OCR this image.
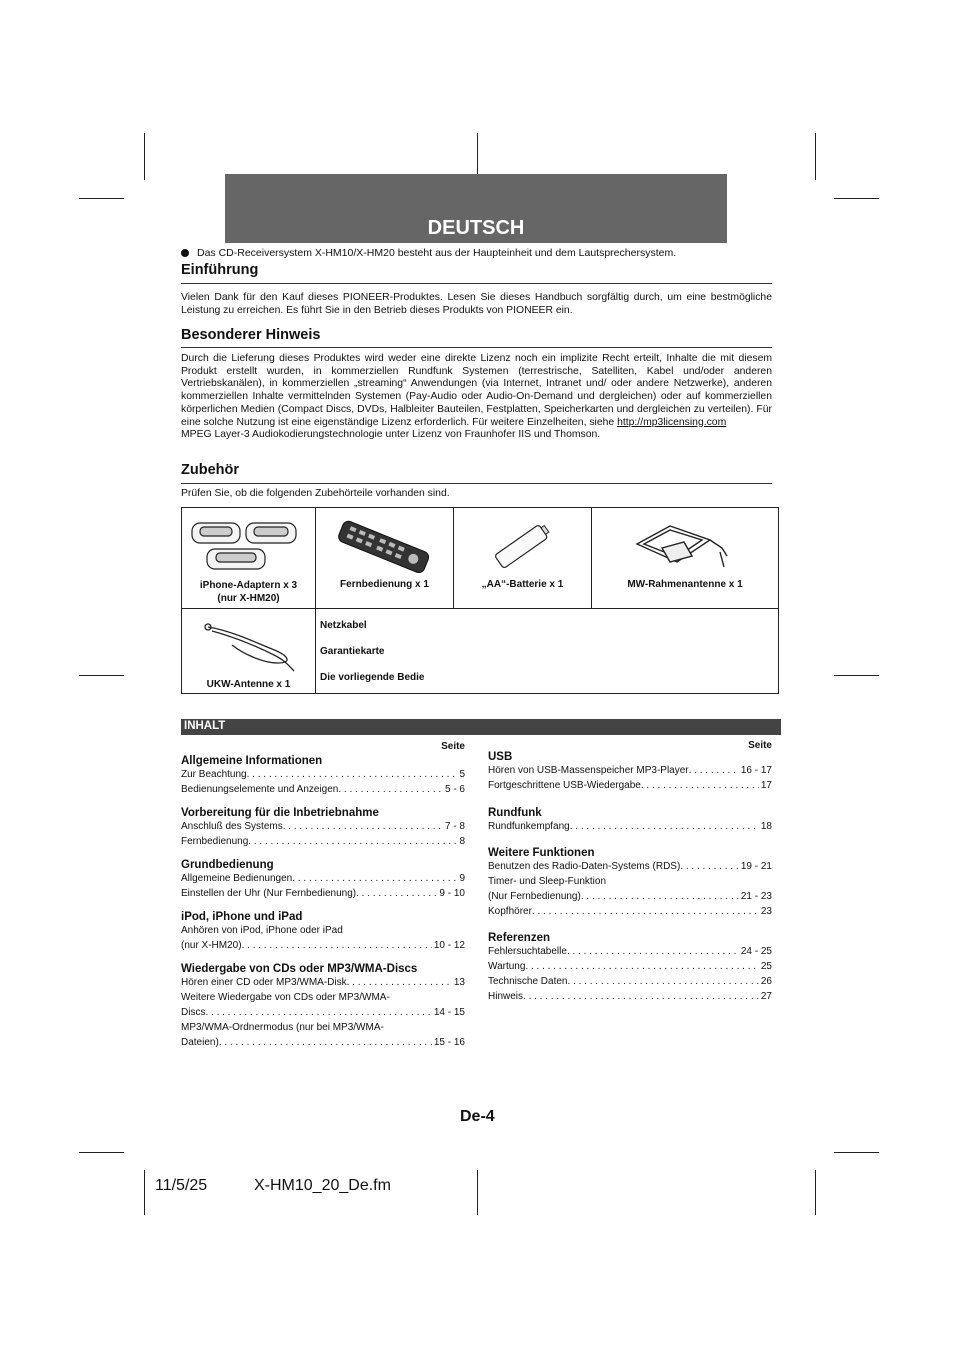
DEUTSCH
Das CD-Receiversystem X-HM10/X-HM20 besteht aus der Haupteinheit und dem Lautsprechersystem.
Einführung
Vielen Dank für den Kauf dieses PIONEER-Produktes. Lesen Sie dieses Handbuch sorgfältig durch, um eine bestmögliche Leistung zu erreichen. Es führt Sie in den Betrieb dieses Produkts von PIONEER ein.
Besonderer Hinweis
Durch die Lieferung dieses Produktes wird weder eine direkte Lizenz noch ein implizite Recht erteilt, Inhalte die mit diesem Produkt erstellt wurden, in kommerziellen Rundfunk Systemen (terrestrische, Satelliten, Kabel und/oder anderen Vertriebskanälen), in kommerziellen „streaming“ Anwendungen (via Internet, Intranet und/ oder andere Netzwerke), anderen kommerziellen Inhalte vermittelnden Systemen (Pay-Audio oder Audio-On-Demand und dergleichen) oder auf kommerziellen körperlichen Medien (Compact Discs, DVDs, Halbleiter Bauteilen, Festplatten, Speicherkarten und dergleichen zu verteilen). Für eine solche Nutzung ist eine eigenständige Lizenz erforderlich. Für weitere Einzelheiten, siehe http://mp3licensing.com
MPEG Layer-3 Audiokodierungstechnologie unter Lizenz von Fraunhofer IIS und Thomson.
Zubehör
Prüfen Sie, ob die folgenden Zubehörteile vorhanden sind.
iPhone-Adaptern x 3
(nur X-HM20)	Fernbedienung x 1	„AA“-Batterie x 1	MW-Rahmenantenne x 1

UKW-Antenne x 1	Netzkabel
Garantiekarte
Die vorliegende Bedie		
INHALT
Seite
Allgemeine Informationen
Zur Beachtung . . .	5
Bedienungselemente und Anzeigen . . .	5 - 6
Vorbereitung für die Inbetriebnahme
Anschluß des Systems . . .	7 - 8
Fernbedienung . . .	8
Grundbedienung
Allgemeine Bedienungen . . .	9
Einstellen der Uhr (Nur Fernbedienung) . . .	9 - 10
iPod, iPhone und iPad
Anhören von iPod, iPhone oder iPad
(nur X-HM20) . . .	10 - 12
Wiedergabe von CDs oder MP3/WMA-Discs
Hören einer CD oder MP3/WMA-Disk . . .	13
Weitere Wiedergabe von CDs oder MP3/WMA-
Discs . . .	14 - 15
MP3/WMA-Ordnermodus (nur bei MP3/WMA-
Dateien) . . .	15 - 16
Seite
USB
Hören von USB-Massenspeicher MP3-Player . . .	16 - 17
Fortgeschrittene USB-Wiedergabe . . .	17
Rundfunk
Rundfunkempfang . . .	18
Weitere Funktionen
Benutzen des Radio-Daten-Systems (RDS) . . .	19 - 21
Timer- und Sleep-Funktion
(Nur Fernbedienung) . . .	21 - 23
Kopfhörer . . .	23
Referenzen
Fehlersuchtabelle . . .	24 - 25
Wartung . . .	25
Technische Daten . . .	26
Hinweis . . .	27
De-4
11/5/25	X-HM10_20_De.fm
